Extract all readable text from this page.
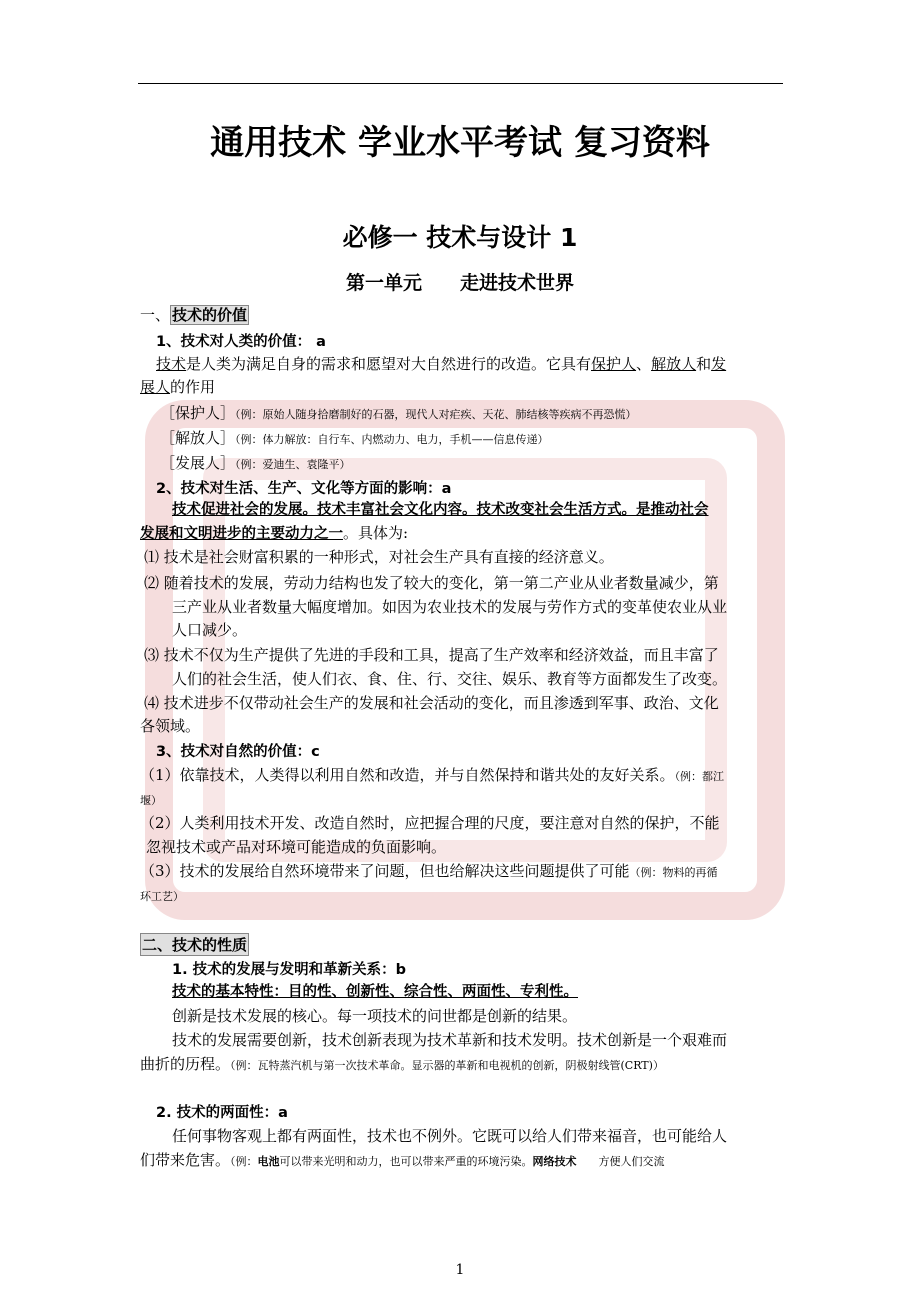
通用技术 学业水平考试 复习资料
必修一 技术与设计 1
第一单元　　走进技术世界
一、 技术的价值
1、技术对人类的价值： a
技术是人类为满足自身的需求和愿望对大自然进行的改造。它具有保护人、解放人和发
展人的作用
［保护人］（例：原始人随身拾磨制好的石器，现代人对疟疾、天花、肺结核等疾病不再恐慌）
［解放人］（例：体力解放：自行车、内燃动力、电力，手机——信息传递）
［发展人］（例：爱迪生、袁隆平）
2、技术对生活、生产、文化等方面的影响：a
技术促进社会的发展。技术丰富社会文化内容。技术改变社会生活方式。是推动社会
发展和文明进步的主要动力之一。具体为:
⑴ 技术是社会财富积累的一种形式，对社会生产具有直接的经济意义。
⑵ 随着技术的发展，劳动力结构也发了较大的变化，第一第二产业从业者数量减少，第
三产业从业者数量大幅度增加。如因为农业技术的发展与劳作方式的变革使农业从业
人口减少。
⑶ 技术不仅为生产提供了先进的手段和工具，提高了生产效率和经济效益，而且丰富了
人们的社会生活，使人们衣、食、住、行、交往、娱乐、教育等方面都发生了改变。
⑷ 技术进步不仅带动社会生产的发展和社会活动的变化，而且渗透到军事、政治、文化
各领域。
3、技术对自然的价值：c
（1）依靠技术，人类得以利用自然和改造，并与自然保持和谐共处的友好关系。（例：都江
堰）
（2）人类利用技术开发、改造自然时，应把握合理的尺度，要注意对自然的保护，不能
忽视技术或产品对环境可能造成的负面影响。
（3）技术的发展给自然环境带来了问题，但也给解决这些问题提供了可能（例：物料的再循
环工艺）
二、技术的性质
1. 技术的发展与发明和革新关系：b
技术的基本特性：目的性、创新性、综合性、两面性、专利性。
创新是技术发展的核心。每一项技术的问世都是创新的结果。
技术的发展需要创新，技术创新表现为技术革新和技术发明。技术创新是一个艰难而
曲折的历程。（例：瓦特蒸汽机与第一次技术革命。显示器的革新和电视机的创新，阴极射线管(CRT)）
2. 技术的两面性：a
任何事物客观上都有两面性，技术也不例外。它既可以给人们带来福音，也可能给人
们带来危害。（例：电池可以带来光明和动力，也可以带来严重的环境污染。网络技术　　方便人们交流
1
